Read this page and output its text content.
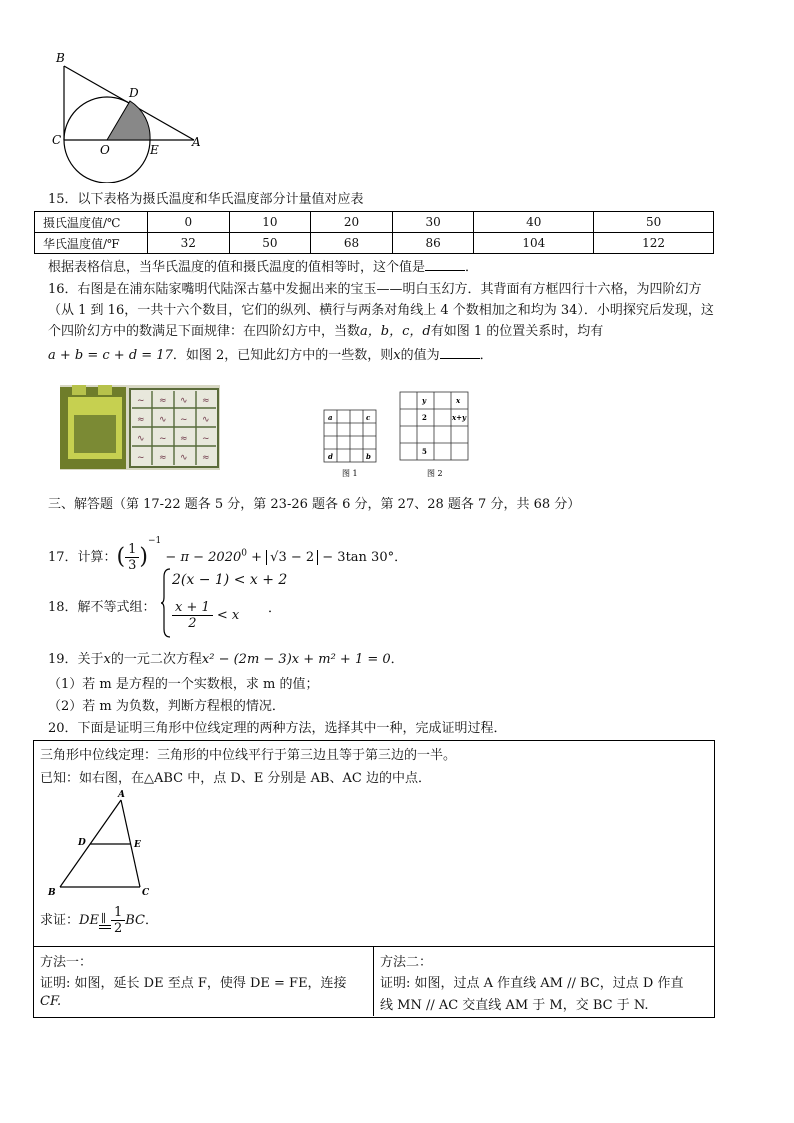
B
D
C
O	E
A
15．以下表格为摄氏温度和华氏温度部分计量值对应表
摄氏温度值/℃	0	10	20	30	40	50
华氏温度值/℉	32	50	68	86	104	122
根据表格信息，当华氏温度的值和摄氏温度的值相等时，这个值是	．
16．右图是在浦东陆家嘴明代陆深古墓中发掘出来的宝玉——明白玉幻方．其背面有方框四行十六格，为四阶幻方
（从 1 到 16，一共十六个数目，它们的纵列、横行与两条对角线上 4 个数相加之和均为 34）．小明探究后发现，这
个四阶幻方中的数满足下面规律：在四阶幻方中，当数a，b，c，d有如图 1 的位置关系时，均有
a + b = c + d = 17．如图 2，已知此幻方中的一些数，则x的值为	．
~ ≈ ∿ ≈
≈ ∿ ~ ∿
∿ ~ ≈ ~
~ ≈ ∿ ≈
a	c
d	b
图 1
y	x
2	x+y
5
图 2
三、解答题（第 17-22 题各 5 分，第 23-26 题各 6 分，第 27、28 题各 7 分，共 68 分）
17．计算：( $\frac{1}{3} )^{-1} - \pi - 2020^0 + √3 - 2 - 3\tan$ 30°．
18．解不等式组：
2(x − 1) < x + 2
$\frac{x + 1}{2} < x$ ．
19．关于x的一元二次方程x² − (2m − 3)x + m² + 1 = 0．
（1）若 m 是方程的一个实数根，求 m 的值；
（2）若 m 为负数，判断方程根的情况．
20．下面是证明三角形中位线定理的两种方法，选择其中一种，完成证明过程．
三角形中位线定理：三角形的中位线平行于第三边且等于第三边的一半。
已知：如右图，在△ABC 中，点 D、E 分别是 AB、AC 边的中点．
A
D	E
B	C
求证：DE ∥ $\frac{1}{2}$ BC．
方法一：
证明: 如图，延长 DE 至点 F，使得 DE = FE，连接
CF.
方法二：
证明: 如图，过点 A 作直线 AM // BC，过点 D 作直
线 MN // AC 交直线 AM 于 M，交 BC 于 N.
